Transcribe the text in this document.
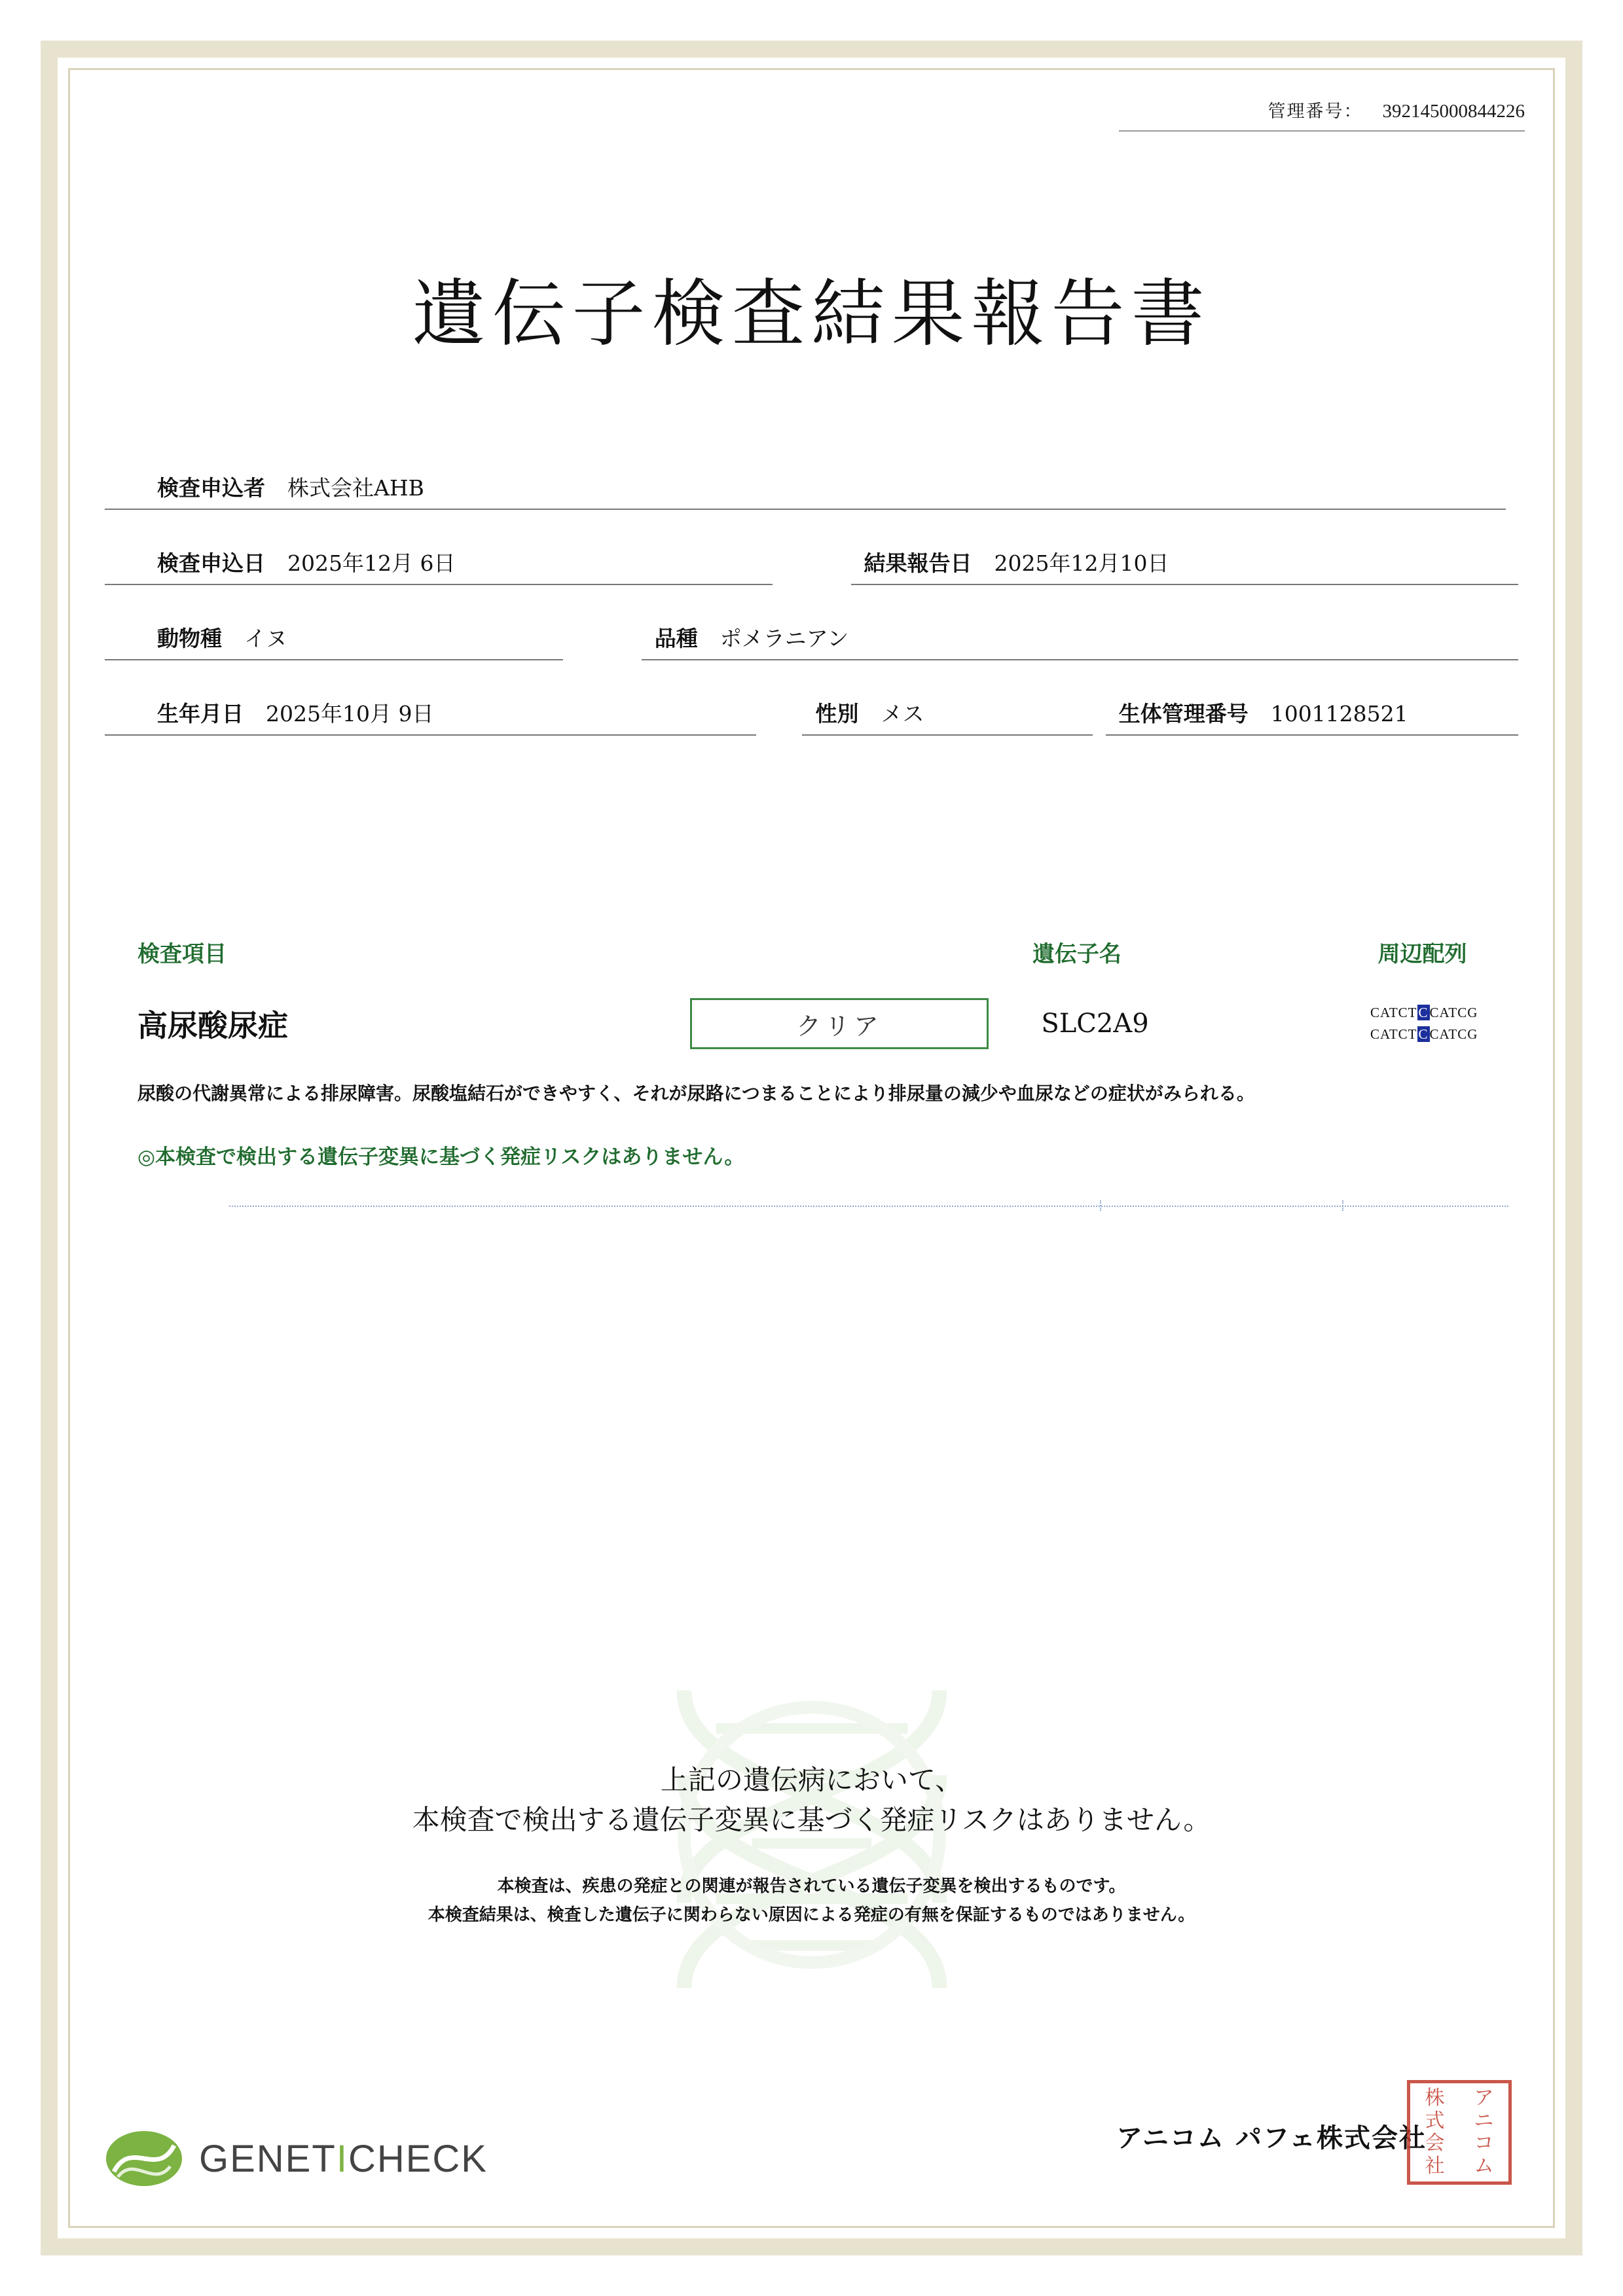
管理番号： 392145000844226
遺伝子検査結果報告書
検査申込者 株式会社AHB
検査申込日 2025年12月 6日	結果報告日 2025年12月10日
動物種 イヌ	品種 ポメラニアン
生年月日 2025年10月 9日	性別 メス	生体管理番号 1001128521
検査項目	遺伝子名	周辺配列
高尿酸尿症	クリア	SLC2A9	CATCTCCATCG
CATCTCCATCG
尿酸の代謝異常による排尿障害。尿酸塩結石ができやすく、それが尿路につまることにより排尿量の減少や血尿などの症状がみられる。
◎本検査で検出する遺伝子変異に基づく発症リスクはありません。
上記の遺伝病において、
本検査で検出する遺伝子変異に基づく発症リスクはありません。
本検査は、疾患の発症との関連が報告されている遺伝子変異を検出するものです。
本検査結果は、検査した遺伝子に関わらない原因による発症の有無を保証するものではありません。
GENETICHECK	アニコム パフェ株式会社
株	ア
式	ニ
会	コ
社	ム
